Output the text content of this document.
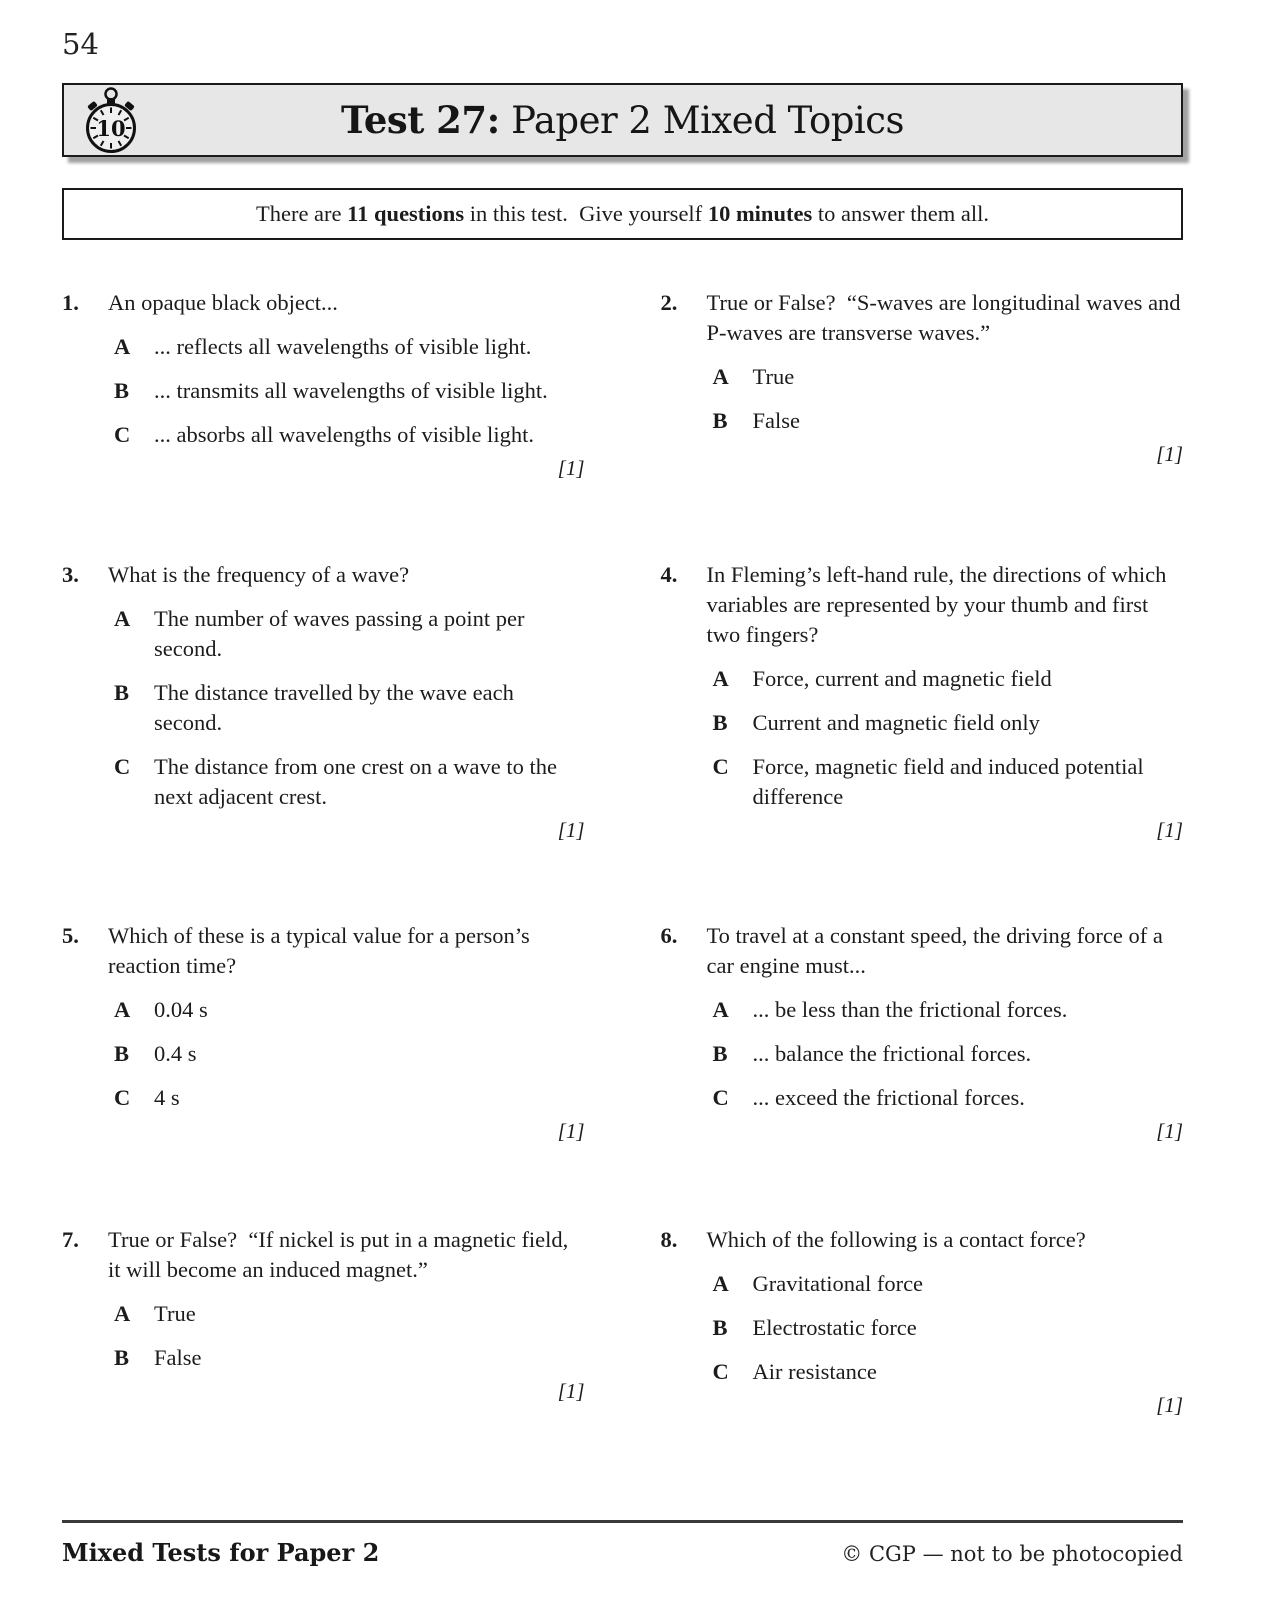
54
10	Test 27: Paper 2 Mixed Topics
There are 11 questions in this test.  Give yourself 10 minutes to answer them all.
1.	An opaque black object...
A	... reflects all wavelengths of visible light.
B	... transmits all wavelengths of visible light.
C	... absorbs all wavelengths of visible light.
[1]
2.	True or False?  “S-waves are longitudinal waves and P-waves are transverse waves.”
A	True
B	False
[1]
3.	What is the frequency of a wave?
A	The number of waves passing a point per second.
B	The distance travelled by the wave each second.
C	The distance from one crest on a wave to the next adjacent crest.
[1]
4.	In Fleming’s left-hand rule, the directions of which variables are represented by your thumb and first two fingers?
A	Force, current and magnetic field
B	Current and magnetic field only
C	Force, magnetic field and induced potential difference
[1]
5.	Which of these is a typical value for a person’s reaction time?
A	0.04 s
B	0.4 s
C	4 s
[1]
6.	To travel at a constant speed, the driving force of a car engine must...
A	... be less than the frictional forces.
B	... balance the frictional forces.
C	... exceed the frictional forces.
[1]
7.	True or False?  “If nickel is put in a magnetic field, it will become an induced magnet.”
A	True
B	False
[1]
8.	Which of the following is a contact force?
A	Gravitational force
B	Electrostatic force
C	Air resistance
[1]
Mixed Tests for Paper 2	© CGP — not to be photocopied
